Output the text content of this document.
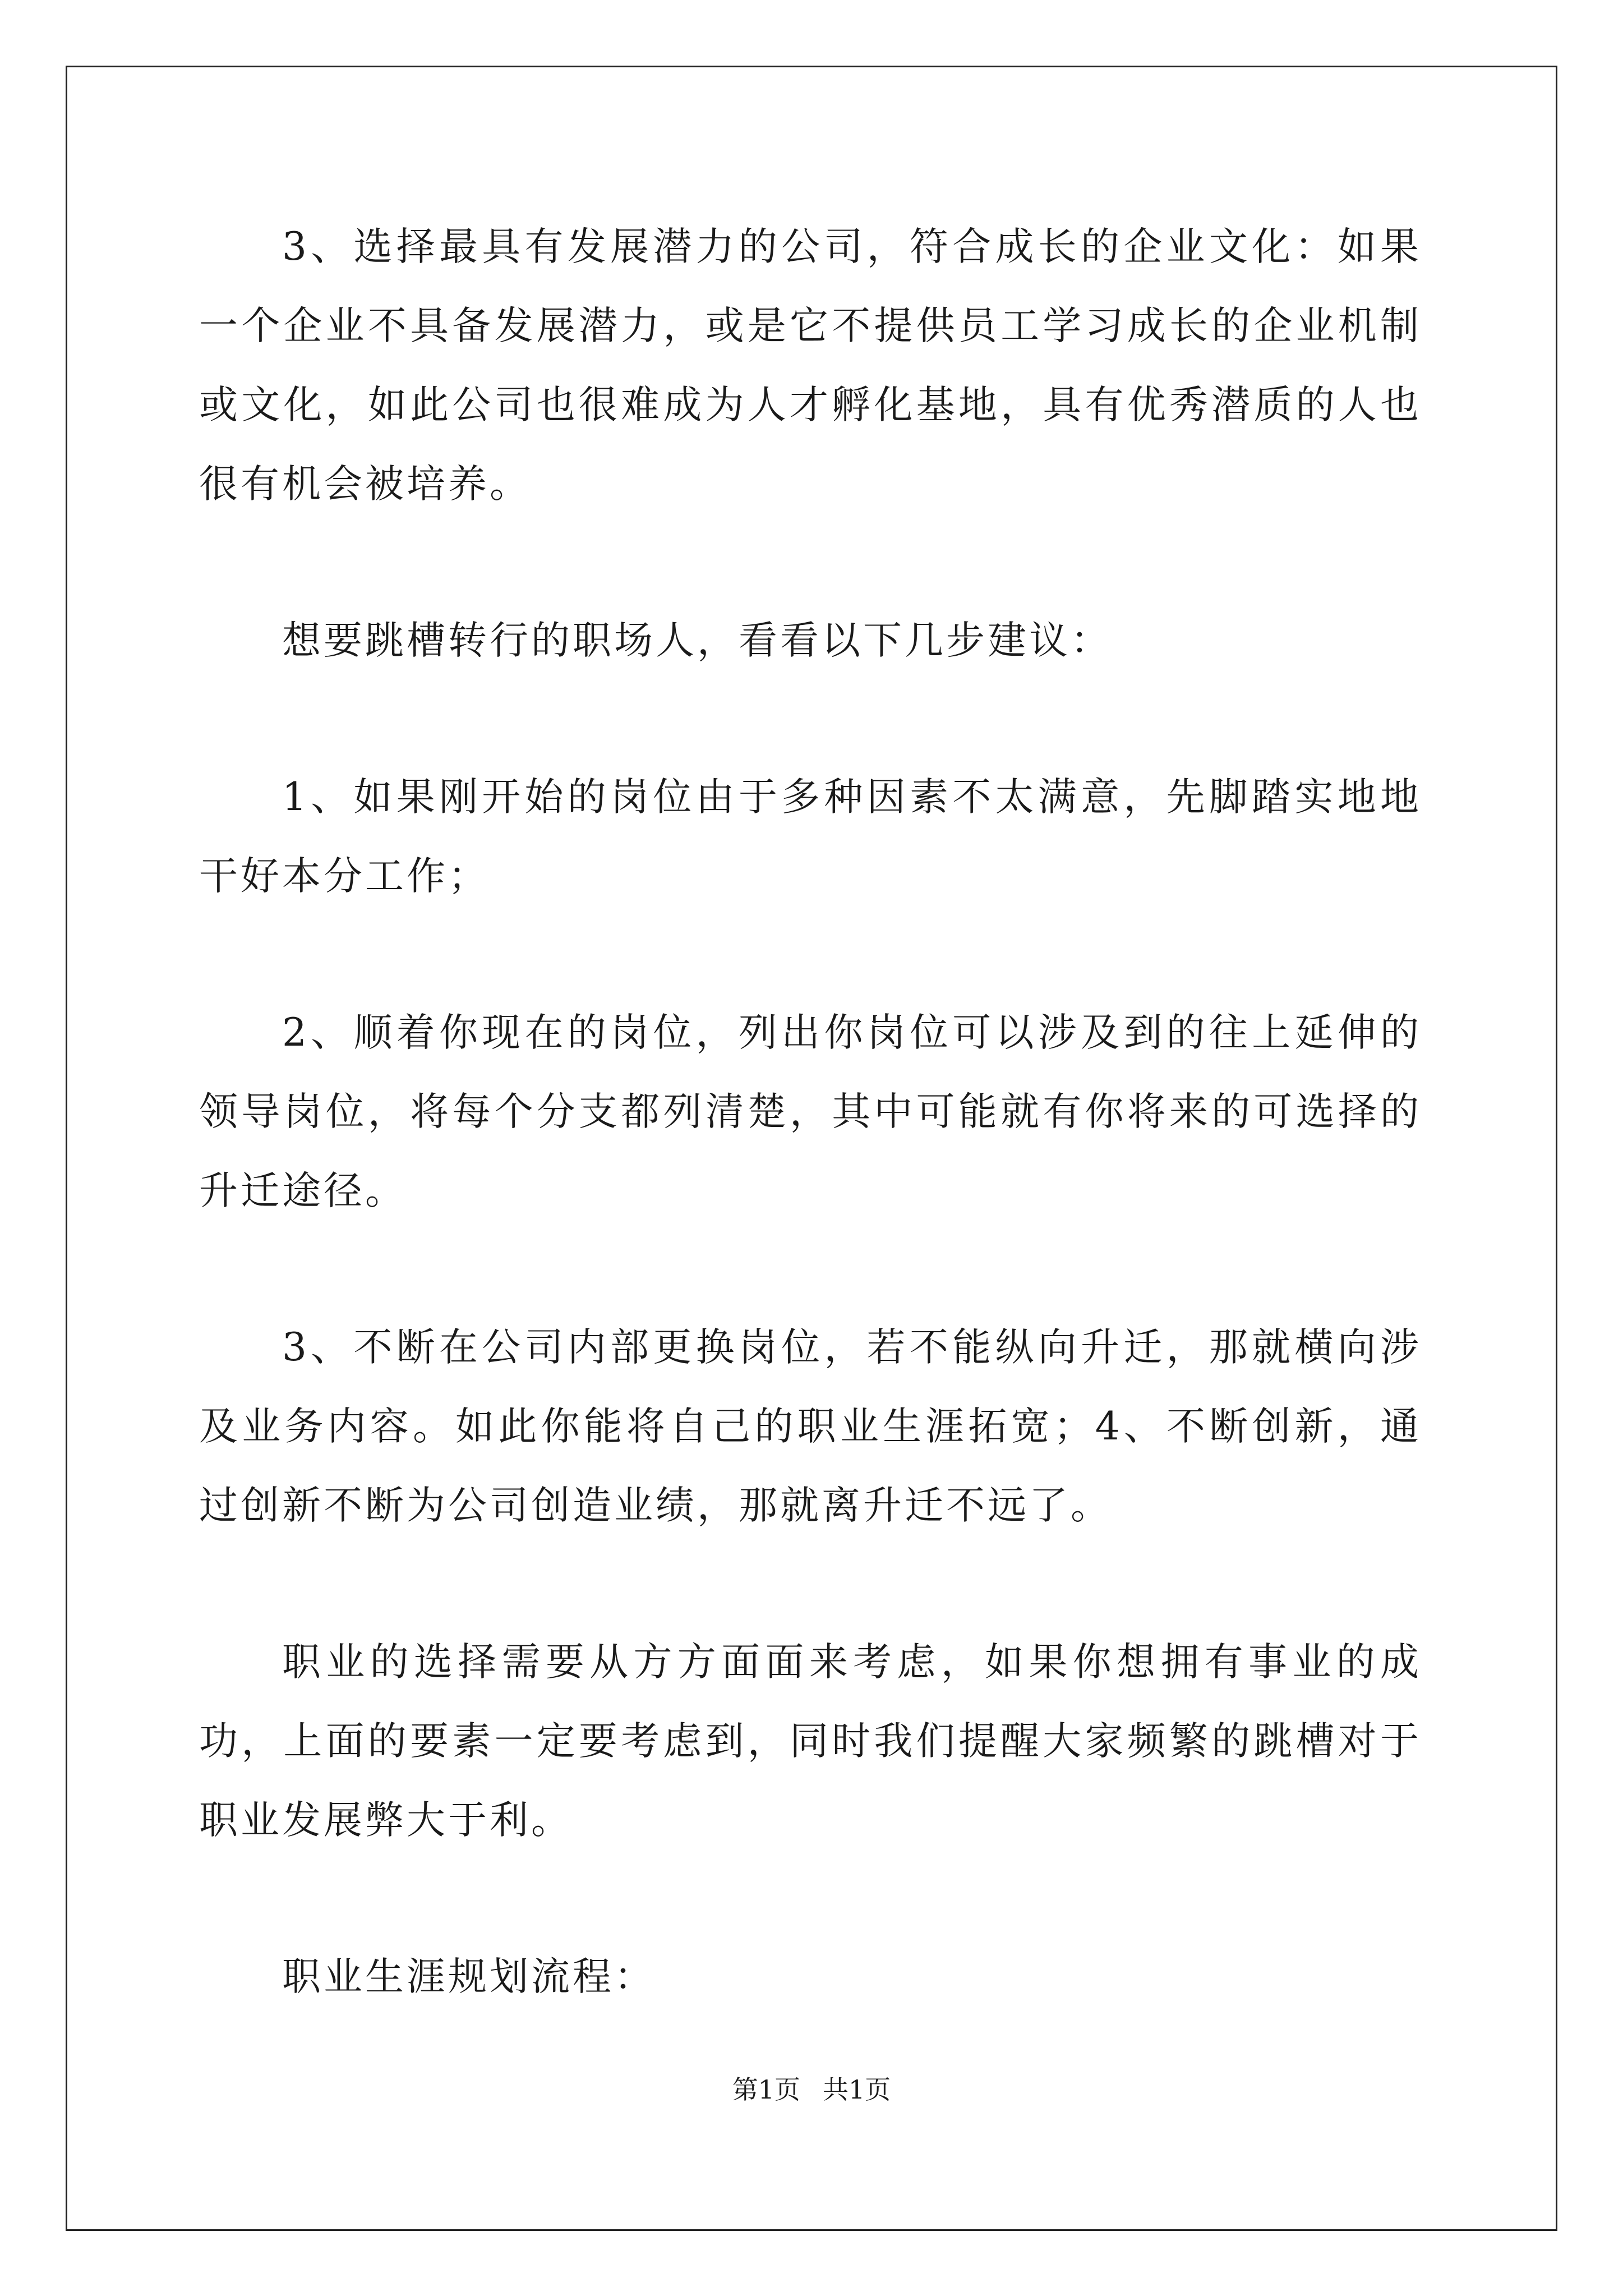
3、选择最具有发展潜力的公司，符合成长的企业文化：如果一个企业不具备发展潜力，或是它不提供员工学习成长的企业机制或文化，如此公司也很难成为人才孵化基地，具有优秀潜质的人也很有机会被培养。

想要跳槽转行的职场人，看看以下几步建议：

1、如果刚开始的岗位由于多种因素不太满意，先脚踏实地地干好本分工作；

2、顺着你现在的岗位，列出你岗位可以涉及到的往上延伸的领导岗位，将每个分支都列清楚，其中可能就有你将来的可选择的升迁途径。

3、不断在公司内部更换岗位，若不能纵向升迁，那就横向涉及业务内容。如此你能将自己的职业生涯拓宽；4、不断创新，通过创新不断为公司创造业绩，那就离升迁不远了。

职业的选择需要从方方面面来考虑，如果你想拥有事业的成功，上面的要素一定要考虑到，同时我们提醒大家频繁的跳槽对于职业发展弊大于利。

职业生涯规划流程：

第1页 共1页
